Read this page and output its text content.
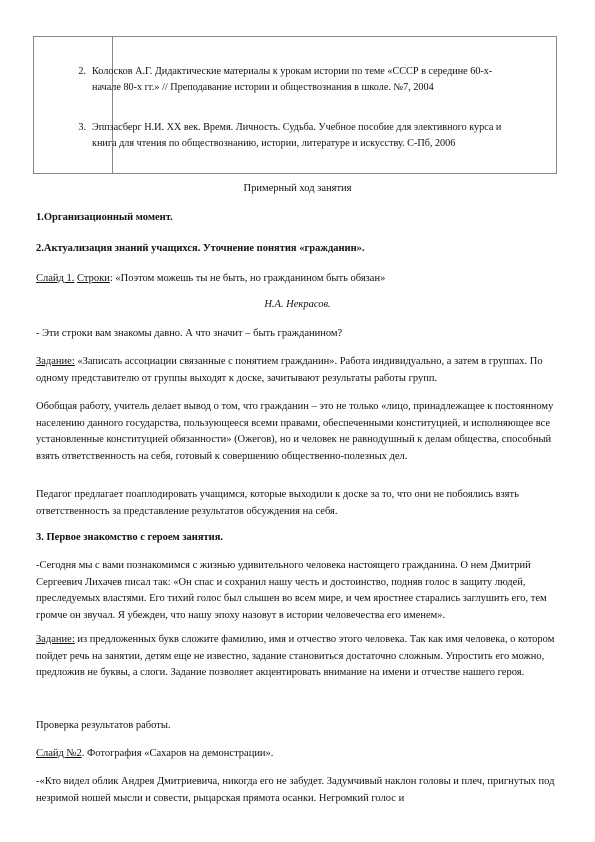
2. Колосков А.Г. Дидактические материалы к урокам истории по теме «СССР в середине 60-х- начале 80-х гг.» // Преподавание истории и обществознания в школе. №7, 2004
3. Эппзасберг Н.И. ХХ век. Время. Личность. Судьба. Учебное пособие для элективного курса и книга для чтения по обществознанию, истории, литературе и искусству. С-Пб, 2006
Примерный ход занятия
1.Организационный момент.
2.Актуализация знаний учащихся. Уточнение понятия «гражданин».
Слайд 1. Строки: «Поэтом можешь ты не быть, но гражданином быть обязан»
Н.А. Некрасов.
- Эти строки вам знакомы давно. А что значит – быть гражданином?
Задание: «Записать ассоциации связанные с понятием гражданин». Работа индивидуально, а затем в группах. По одному представителю от группы выходят к доске, зачитывают результаты работы групп.
Обобщая работу, учитель делает вывод о том, что гражданин – это не только «лицо, принадлежащее к постоянному населению данного государства, пользующееся всеми правами, обеспеченными конституцией, и исполняющее все установленные конституцией обязанности» (Ожегов), но и человек не равнодушный к делам общества, способный взять ответственность на себя, готовый к совершению общественно-полезных дел.
Педагог предлагает поаплодировать учащимся, которые выходили к доске за то, что они не побоялись взять ответственность за представление результатов обсуждения на себя.
3. Первое знакомство с героем занятия.
-Сегодня мы с вами познакомимся с жизнью удивительного человека настоящего гражданина. О нем Дмитрий Сергеевич Лихачев писал так: «Он спас и сохранил нашу честь и достоинство, подняв голос в защиту людей, преследуемых властями. Его тихий голос был слышен во всем мире, и чем яростнее старались заглушить его, тем громче он звучал. Я убежден, что нашу эпоху назовут в истории человечества его именем».
Задание: из предложенных букв сложите фамилию, имя и отчество этого человека. Так как имя человека, о котором пойдет речь на занятии, детям еще не известно, задание становиться достаточно сложным. Упростить его можно, предложив не буквы, а слоги. Задание позволяет акцентировать внимание на имени и отчестве нашего героя.
Проверка результатов работы.
Слайд №2. Фотография «Сахаров на демонстрации».
-«Кто видел облик Андрея Дмитриевича, никогда его не забудет. Задумчивый наклон головы и плеч, пригнутых под незримой ношей мысли и совести, рыцарская прямота осанки. Негромкий голос и
